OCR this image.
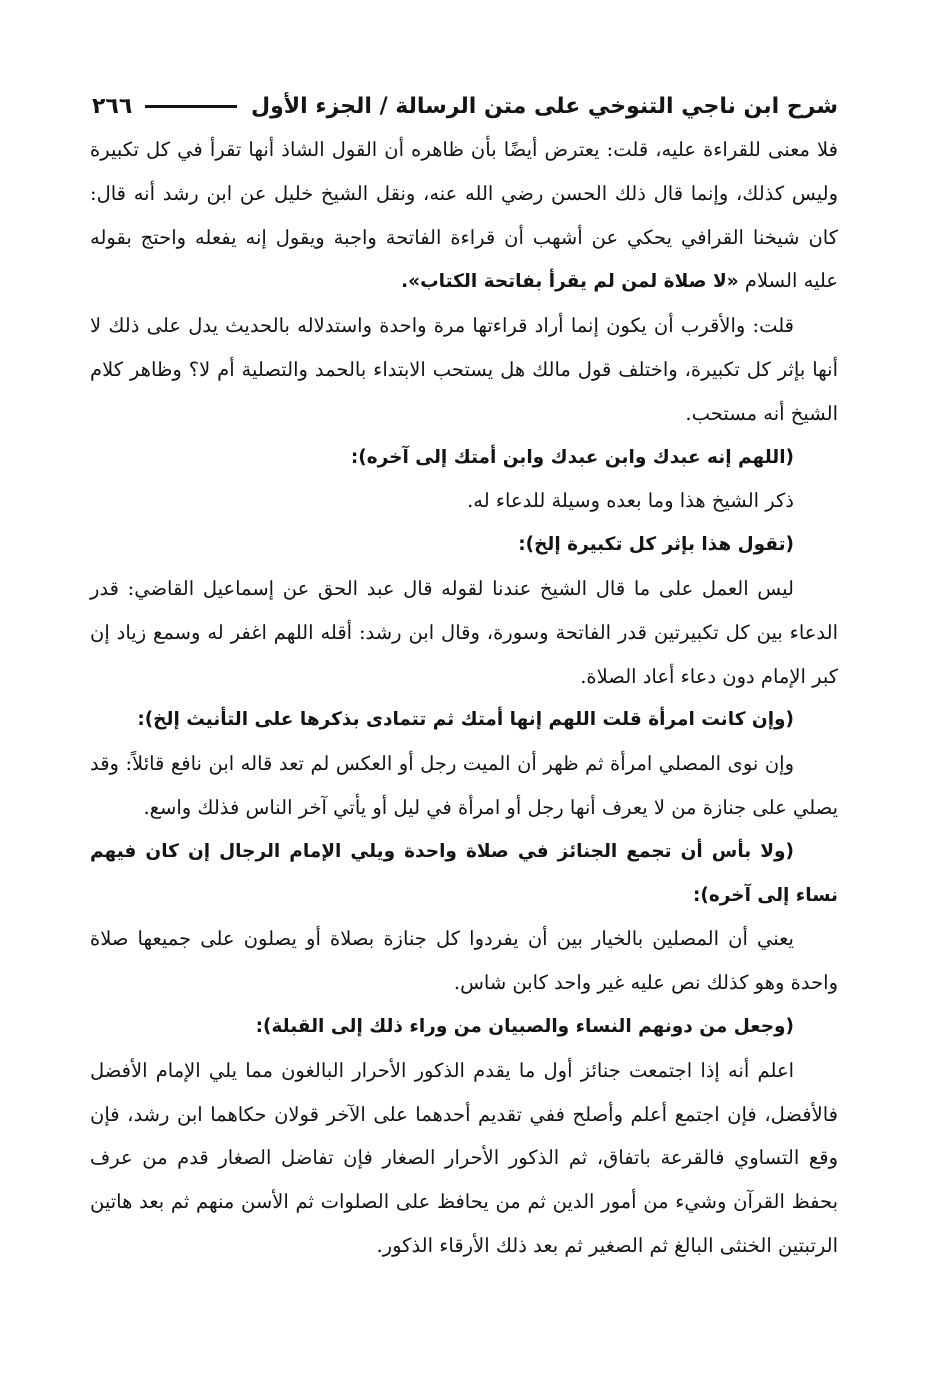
شرح ابن ناجي التنوخي على متن الرسالة / الجزء الأول
٢٦٦

فلا معنى للقراءة عليه، قلت: يعترض أيضًا بأن ظاهره أن القول الشاذ أنها تقرأ في كل تكبيرة وليس كذلك، وإنما قال ذلك الحسن رضي الله عنه، ونقل الشيخ خليل عن ابن رشد أنه قال: كان شيخنا القرافي يحكي عن أشهب أن قراءة الفاتحة واجبة ويقول إنه يفعله واحتج بقوله عليه السلام «لا صلاة لمن لم يقرأ بفاتحة الكتاب».

قلت: والأقرب أن يكون إنما أراد قراءتها مرة واحدة واستدلاله بالحديث يدل على ذلك لا أنها بإثر كل تكبيرة، واختلف قول مالك هل يستحب الابتداء بالحمد والتصلية أم لا؟ وظاهر كلام الشيخ أنه مستحب.

(اللهم إنه عبدك وابن عبدك وابن أمتك إلى آخره):

ذكر الشيخ هذا وما بعده وسيلة للدعاء له.

(تقول هذا بإثر كل تكبيرة إلخ):

ليس العمل على ما قال الشيخ عندنا لقوله قال عبد الحق عن إسماعيل القاضي: قدر الدعاء بين كل تكبيرتين قدر الفاتحة وسورة، وقال ابن رشد: أقله اللهم اغفر له وسمع زياد إن كبر الإمام دون دعاء أعاد الصلاة.

(وإن كانت امرأة قلت اللهم إنها أمتك ثم تتمادى بذكرها على التأنيث إلخ):

وإن نوى المصلي امرأة ثم ظهر أن الميت رجل أو العكس لم تعد قاله ابن نافع قائلاً: وقد يصلي على جنازة من لا يعرف أنها رجل أو امرأة في ليل أو يأتي آخر الناس فذلك واسع.

(ولا بأس أن تجمع الجنائز في صلاة واحدة ويلي الإمام الرجال إن كان فيهم نساء إلى آخره):

يعني أن المصلين بالخيار بين أن يفردوا كل جنازة بصلاة أو يصلون على جميعها صلاة واحدة وهو كذلك نص عليه غير واحد كابن شاس.

(وجعل من دونهم النساء والصبيان من وراء ذلك إلى القبلة):

اعلم أنه إذا اجتمعت جنائز أول ما يقدم الذكور الأحرار البالغون مما يلي الإمام الأفضل فالأفضل، فإن اجتمع أعلم وأصلح ففي تقديم أحدهما على الآخر قولان حكاهما ابن رشد، فإن وقع التساوي فالقرعة باتفاق، ثم الذكور الأحرار الصغار فإن تفاضل الصغار قدم من عرف بحفظ القرآن وشيء من أمور الدين ثم من يحافظ على الصلوات ثم الأسن منهم ثم بعد هاتين الرتبتين الخنثى البالغ ثم الصغير ثم بعد ذلك الأرقاء الذكور.
